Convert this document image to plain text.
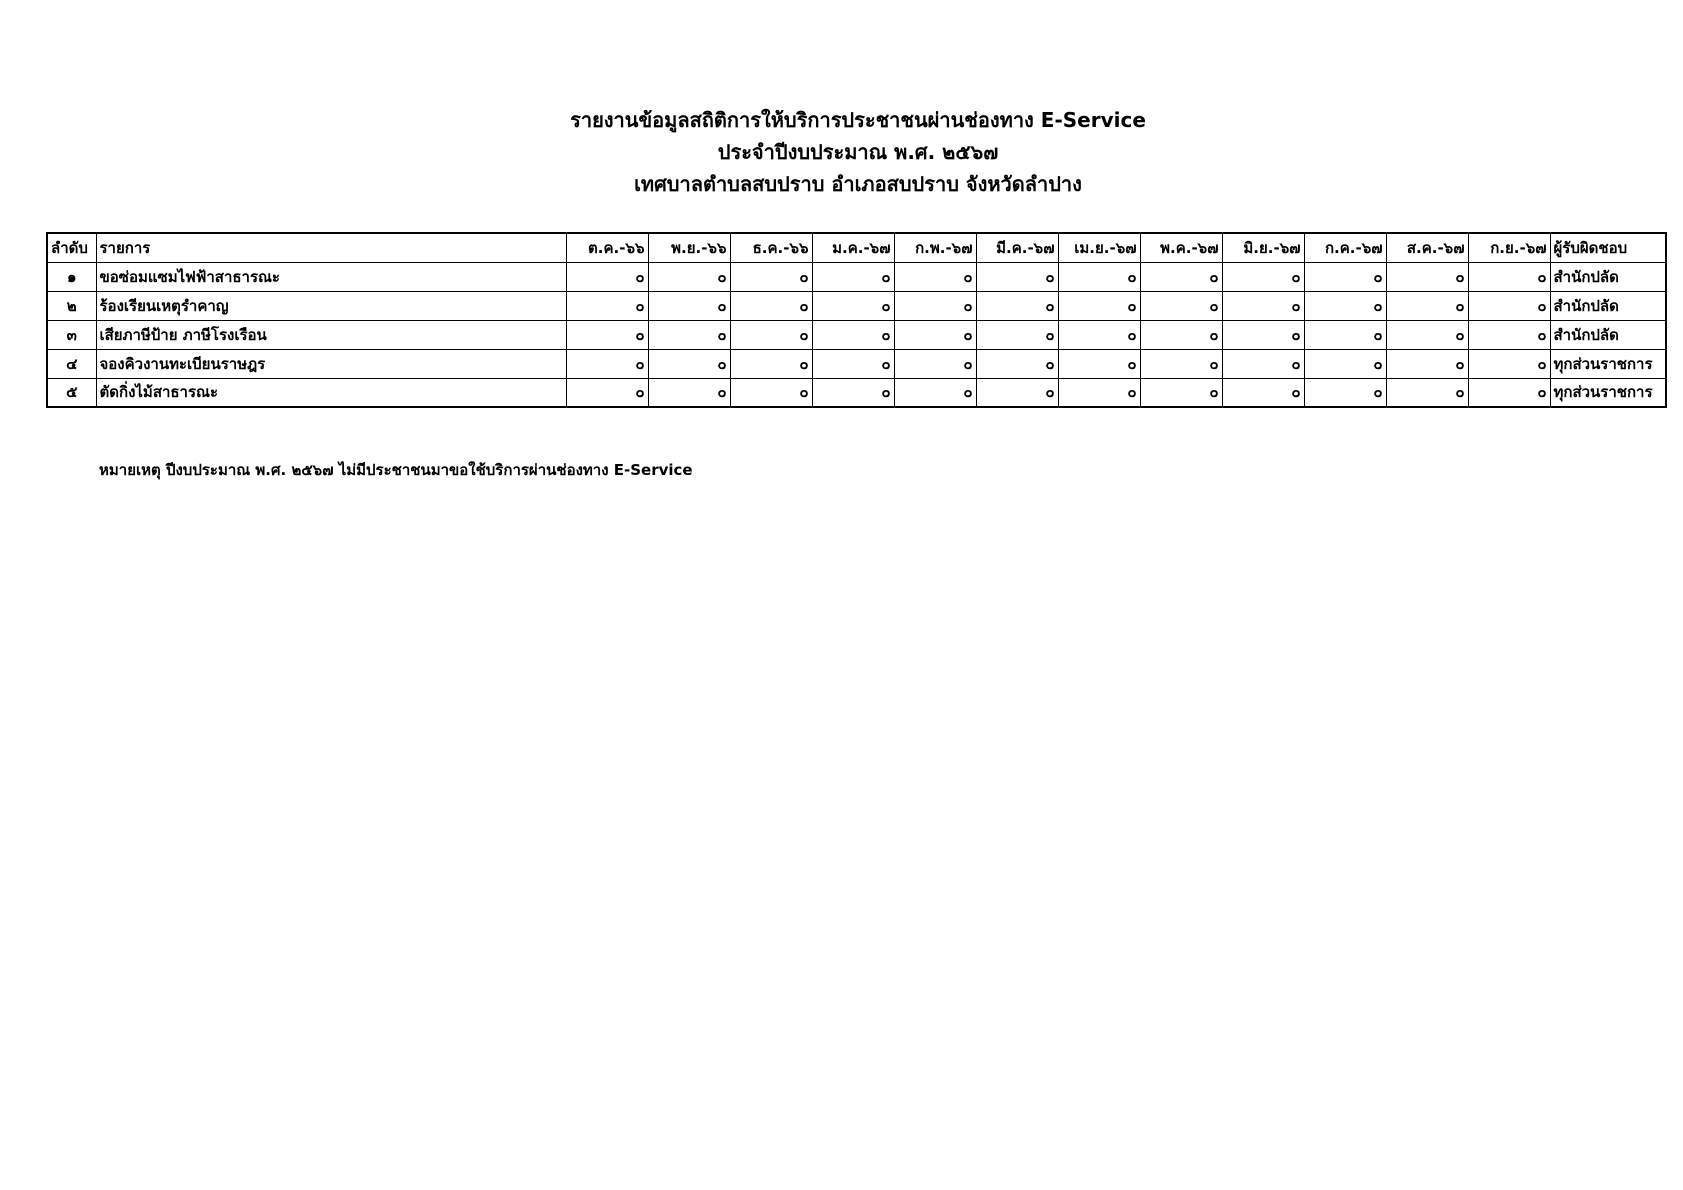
รายงานข้อมูลสถิติการให้บริการประชาชนผ่านช่องทาง E-Service
ประจำปีงบประมาณ พ.ศ. ๒๕๖๗
เทศบาลตำบลสบปราบ อำเภอสบปราบ จังหวัดลำปาง
ลำดับ	รายการ	ต.ค.-๖๖	พ.ย.-๖๖	ธ.ค.-๖๖	ม.ค.-๖๗	ก.พ.-๖๗	มี.ค.-๖๗	เม.ย.-๖๗	พ.ค.-๖๗	มิ.ย.-๖๗	ก.ค.-๖๗	ส.ค.-๖๗	ก.ย.-๖๗	ผู้รับผิดชอบ
๑	ขอซ่อมแซมไฟฟ้าสาธารณะ	๐	๐	๐	๐	๐	๐	๐	๐	๐	๐	๐	๐	สำนักปลัด
๒	ร้องเรียนเหตุรำคาญ	๐	๐	๐	๐	๐	๐	๐	๐	๐	๐	๐	๐	สำนักปลัด
๓	เสียภาษีป้าย ภาษีโรงเรือน	๐	๐	๐	๐	๐	๐	๐	๐	๐	๐	๐	๐	สำนักปลัด
๔	จองคิวงานทะเบียนราษฎร	๐	๐	๐	๐	๐	๐	๐	๐	๐	๐	๐	๐	ทุกส่วนราชการ
๕	ตัดกิ่งไม้สาธารณะ	๐	๐	๐	๐	๐	๐	๐	๐	๐	๐	๐	๐	ทุกส่วนราชการ
หมายเหตุ ปีงบประมาณ พ.ศ. ๒๕๖๗ ไม่มีประชาชนมาขอใช้บริการผ่านช่องทาง E-Service
